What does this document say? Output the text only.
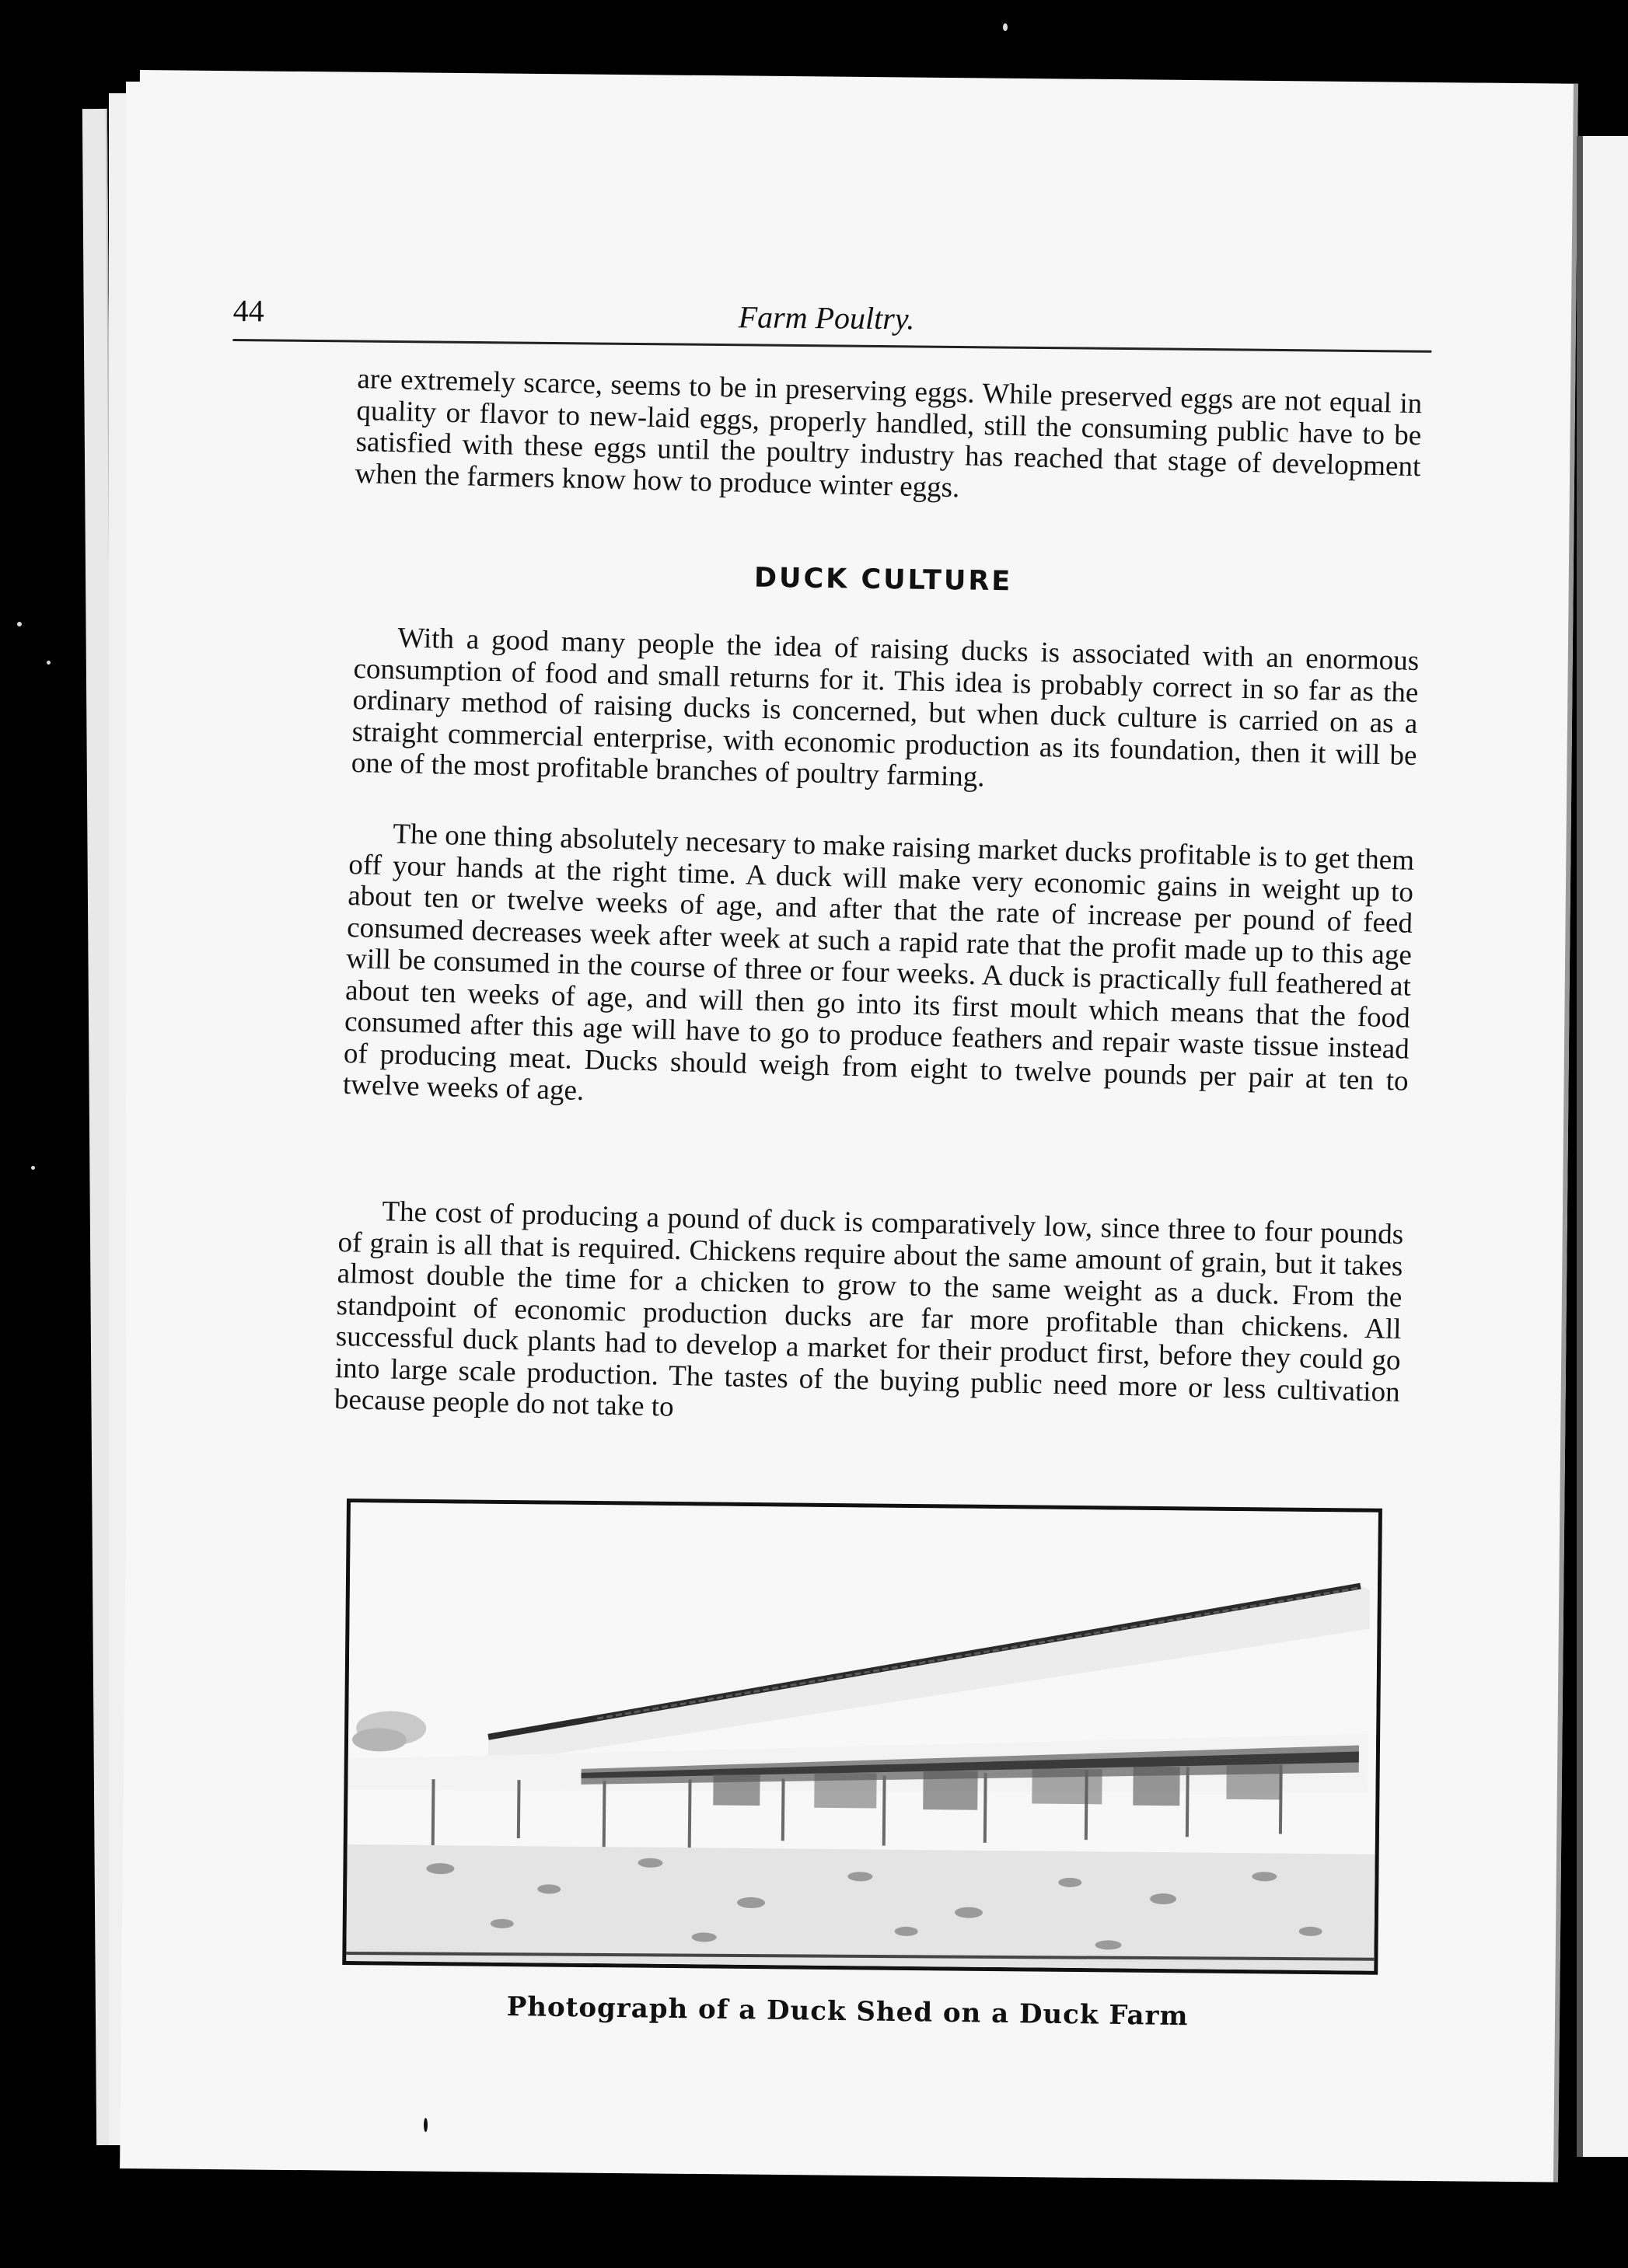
44	Farm Poultry.

are extremely scarce, seems to be in preserving eggs. While preserved eggs are not equal in quality or flavor to new-laid eggs, properly handled, still the consuming public have to be satisfied with these eggs until the poultry industry has reached that stage of development when the farmers know how to produce winter eggs.

DUCK CULTURE

With a good many people the idea of raising ducks is associated with an enormous consumption of food and small returns for it. This idea is probably correct in so far as the ordinary method of raising ducks is concerned, but when duck culture is carried on as a straight commercial enterprise, with economic production as its foundation, then it will be one of the most profitable branches of poultry farming.

The one thing absolutely necesary to make raising market ducks profitable is to get them off your hands at the right time. A duck will make very economic gains in weight up to about ten or twelve weeks of age, and after that the rate of increase per pound of feed consumed decreases week after week at such a rapid rate that the profit made up to this age will be consumed in the course of three or four weeks. A duck is practically full feathered at about ten weeks of age, and will then go into its first moult which means that the food consumed after this age will have to go to produce feathers and repair waste tissue instead of producing meat. Ducks should weigh from eight to twelve pounds per pair at ten to twelve weeks of age.

The cost of producing a pound of duck is comparatively low, since three to four pounds of grain is all that is required. Chickens require about the same amount of grain, but it takes almost double the time for a chicken to grow to the same weight as a duck. From the standpoint of economic production ducks are far more profitable than chickens. All successful duck plants had to develop a market for their product first, before they could go into large scale production. The tastes of the buying public need more or less cultivation because people do not take to

Photograph of a Duck Shed on a Duck Farm
